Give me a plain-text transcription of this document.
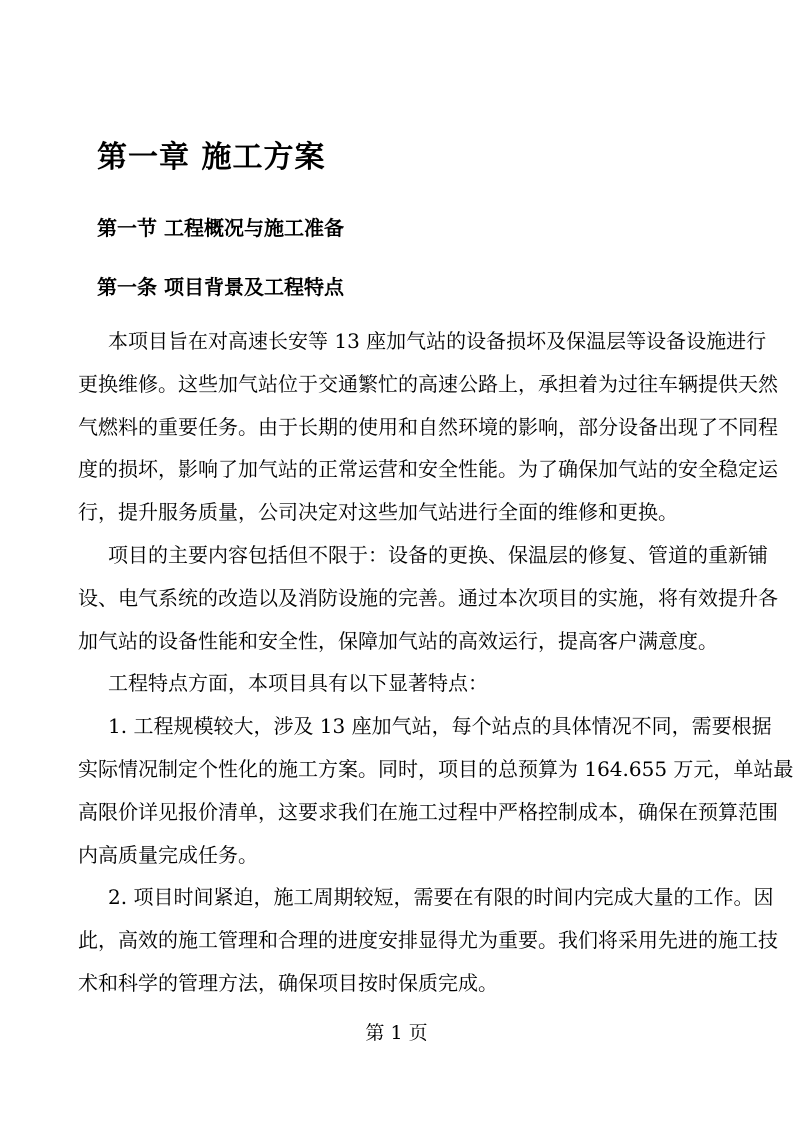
第一章 施工方案
第一节 工程概况与施工准备
第一条 项目背景及工程特点
本项目旨在对高速长安等 13 座加气站的设备损坏及保温层等设备设施进行
更换维修。这些加气站位于交通繁忙的高速公路上，承担着为过往车辆提供天然
气燃料的重要任务。由于长期的使用和自然环境的影响，部分设备出现了不同程
度的损坏，影响了加气站的正常运营和安全性能。为了确保加气站的安全稳定运
行，提升服务质量，公司决定对这些加气站进行全面的维修和更换。
项目的主要内容包括但不限于：设备的更换、保温层的修复、管道的重新铺
设、电气系统的改造以及消防设施的完善。通过本次项目的实施，将有效提升各
加气站的设备性能和安全性，保障加气站的高效运行，提高客户满意度。
工程特点方面，本项目具有以下显著特点：
1. 工程规模较大，涉及 13 座加气站，每个站点的具体情况不同，需要根据
实际情况制定个性化的施工方案。同时，项目的总预算为 164.655 万元，单站最
高限价详见报价清单，这要求我们在施工过程中严格控制成本，确保在预算范围
内高质量完成任务。
2. 项目时间紧迫，施工周期较短，需要在有限的时间内完成大量的工作。因
此，高效的施工管理和合理的进度安排显得尤为重要。我们将采用先进的施工技
术和科学的管理方法，确保项目按时保质完成。
第 1 页
